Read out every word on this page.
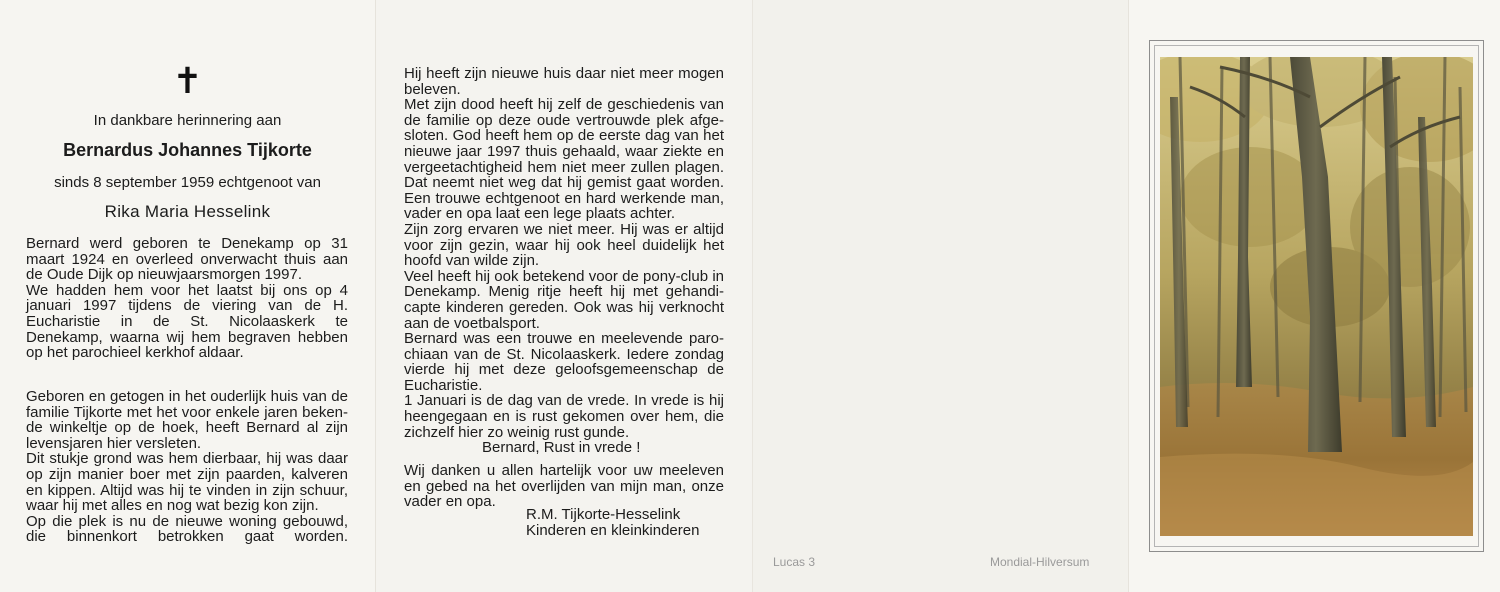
✝
In dankbare herinnering aan
Bernardus Johannes Tijkorte
sinds 8 september 1959 echtgenoot van
Rika Maria Hesselink
Bernard werd geboren te Denekamp op 31
maart 1924 en overleed onverwacht thuis aan
de Oude Dijk op nieuwjaarsmorgen 1997.
We hadden hem voor het laatst bij ons op 4
januari 1997 tijdens de viering van de H.
Eucharistie in de St. Nicolaaskerk te
Denekamp, waarna wij hem begraven hebben
op het parochieel kerkhof aldaar.
Geboren en getogen in het ouderlijk huis van de
familie Tijkorte met het voor enkele jaren beken-
de winkeltje op de hoek, heeft Bernard al zijn
levensjaren hier versleten.
Dit stukje grond was hem dierbaar, hij was daar
op zijn manier boer met zijn paarden, kalveren
en kippen. Altijd was hij te vinden in zijn schuur,
waar hij met alles en nog wat bezig kon zijn.
Op die plek is nu de nieuwe woning gebouwd,
die binnenkort betrokken gaat worden.
Hij heeft zijn nieuwe huis daar niet meer mogen
beleven.
Met zijn dood heeft hij zelf de geschiedenis van
de familie op deze oude vertrouwde plek afge-
sloten. God heeft hem op de eerste dag van het
nieuwe jaar 1997 thuis gehaald, waar ziekte en
vergeetachtigheid hem niet meer zullen plagen.
Dat neemt niet weg dat hij gemist gaat worden.
Een trouwe echtgenoot en hard werkende man,
vader en opa laat een lege plaats achter.
Zijn zorg ervaren we niet meer. Hij was er altijd
voor zijn gezin, waar hij ook heel duidelijk het
hoofd van wilde zijn.
Veel heeft hij ook betekend voor de pony-club in
Denekamp. Menig ritje heeft hij met gehandi-
capte kinderen gereden. Ook was hij verknocht
aan de voetbalsport.
Bernard was een trouwe en meelevende paro-
chiaan van de St. Nicolaaskerk. Iedere zondag
vierde hij met deze geloofsgemeenschap de
Eucharistie.
1 Januari is de dag van de vrede. In vrede is hij
heengegaan en is rust gekomen over hem, die
zichzelf hier zo weinig rust gunde.
Bernard, Rust in vrede !
Wij danken u allen hartelijk voor uw meeleven
en gebed na het overlijden van mijn man, onze
vader en opa.
R.M. Tijkorte-Hesselink
Kinderen en kleinkinderen
Lucas 3	Mondial-Hilversum
